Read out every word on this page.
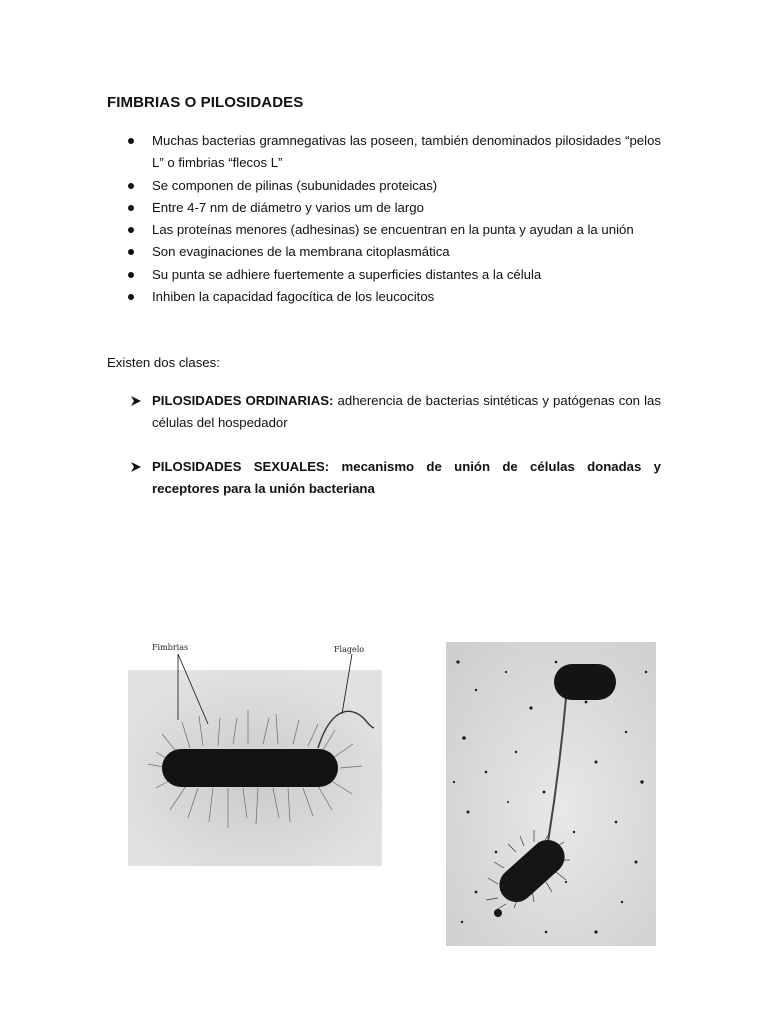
FIMBRIAS O PILOSIDADES
Muchas bacterias gramnegativas las poseen, también denominados pilosidades “pelos L” o fimbrias “flecos L”
Se componen de pilinas (subunidades proteicas)
Entre 4-7 nm de diámetro y varios um de largo
Las proteínas menores (adhesinas) se encuentran en la punta y ayudan a la unión
Son evaginaciones de la membrana citoplasmática
Su punta se adhiere fuertemente a superficies distantes a la célula
Inhiben la capacidad fagocítica de los leucocitos
Existen dos clases:
PILOSIDADES ORDINARIAS: adherencia de bacterias sintéticas y patógenas con las células del hospedador
PILOSIDADES SEXUALES: mecanismo de unión de células donadas y receptores para la unión bacteriana
Fimbrias	Flagelo
